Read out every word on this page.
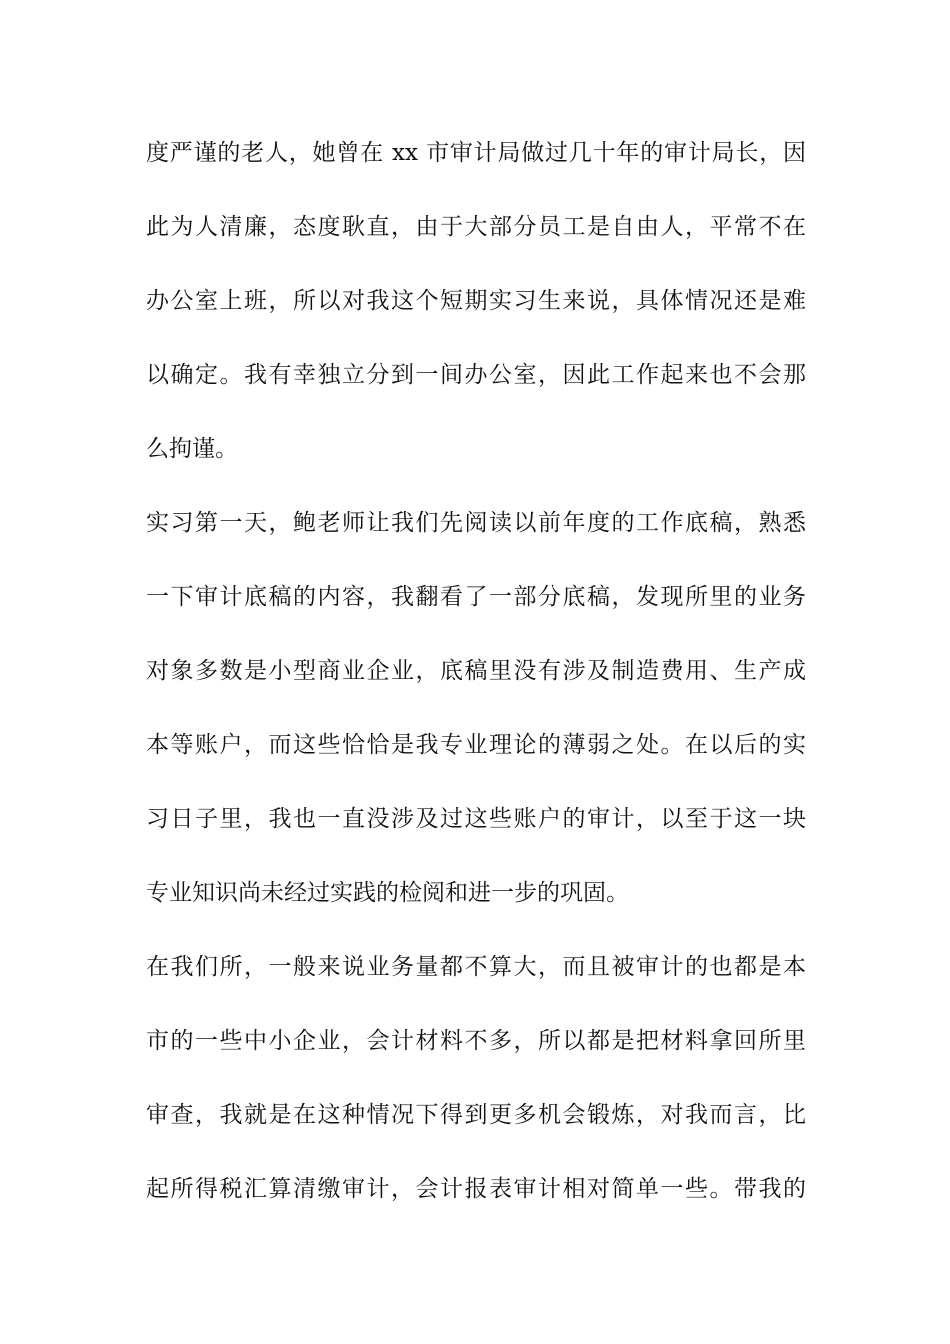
度严谨的老人，她曾在 xx 市审计局做过几十年的审计局长，因

此为人清廉，态度耿直，由于大部分员工是自由人，平常不在

办公室上班，所以对我这个短期实习生来说，具体情况还是难

以确定。我有幸独立分到一间办公室，因此工作起来也不会那

么拘谨。

实习第一天，鲍老师让我们先阅读以前年度的工作底稿，熟悉

一下审计底稿的内容，我翻看了一部分底稿，发现所里的业务

对象多数是小型商业企业，底稿里没有涉及制造费用、生产成

本等账户，而这些恰恰是我专业理论的薄弱之处。在以后的实

习日子里，我也一直没涉及过这些账户的审计，以至于这一块

专业知识尚未经过实践的检阅和进一步的巩固。

在我们所，一般来说业务量都不算大，而且被审计的也都是本

市的一些中小企业，会计材料不多，所以都是把材料拿回所里

审查，我就是在这种情况下得到更多机会锻炼，对我而言，比

起所得税汇算清缴审计，会计报表审计相对简单一些。带我的
